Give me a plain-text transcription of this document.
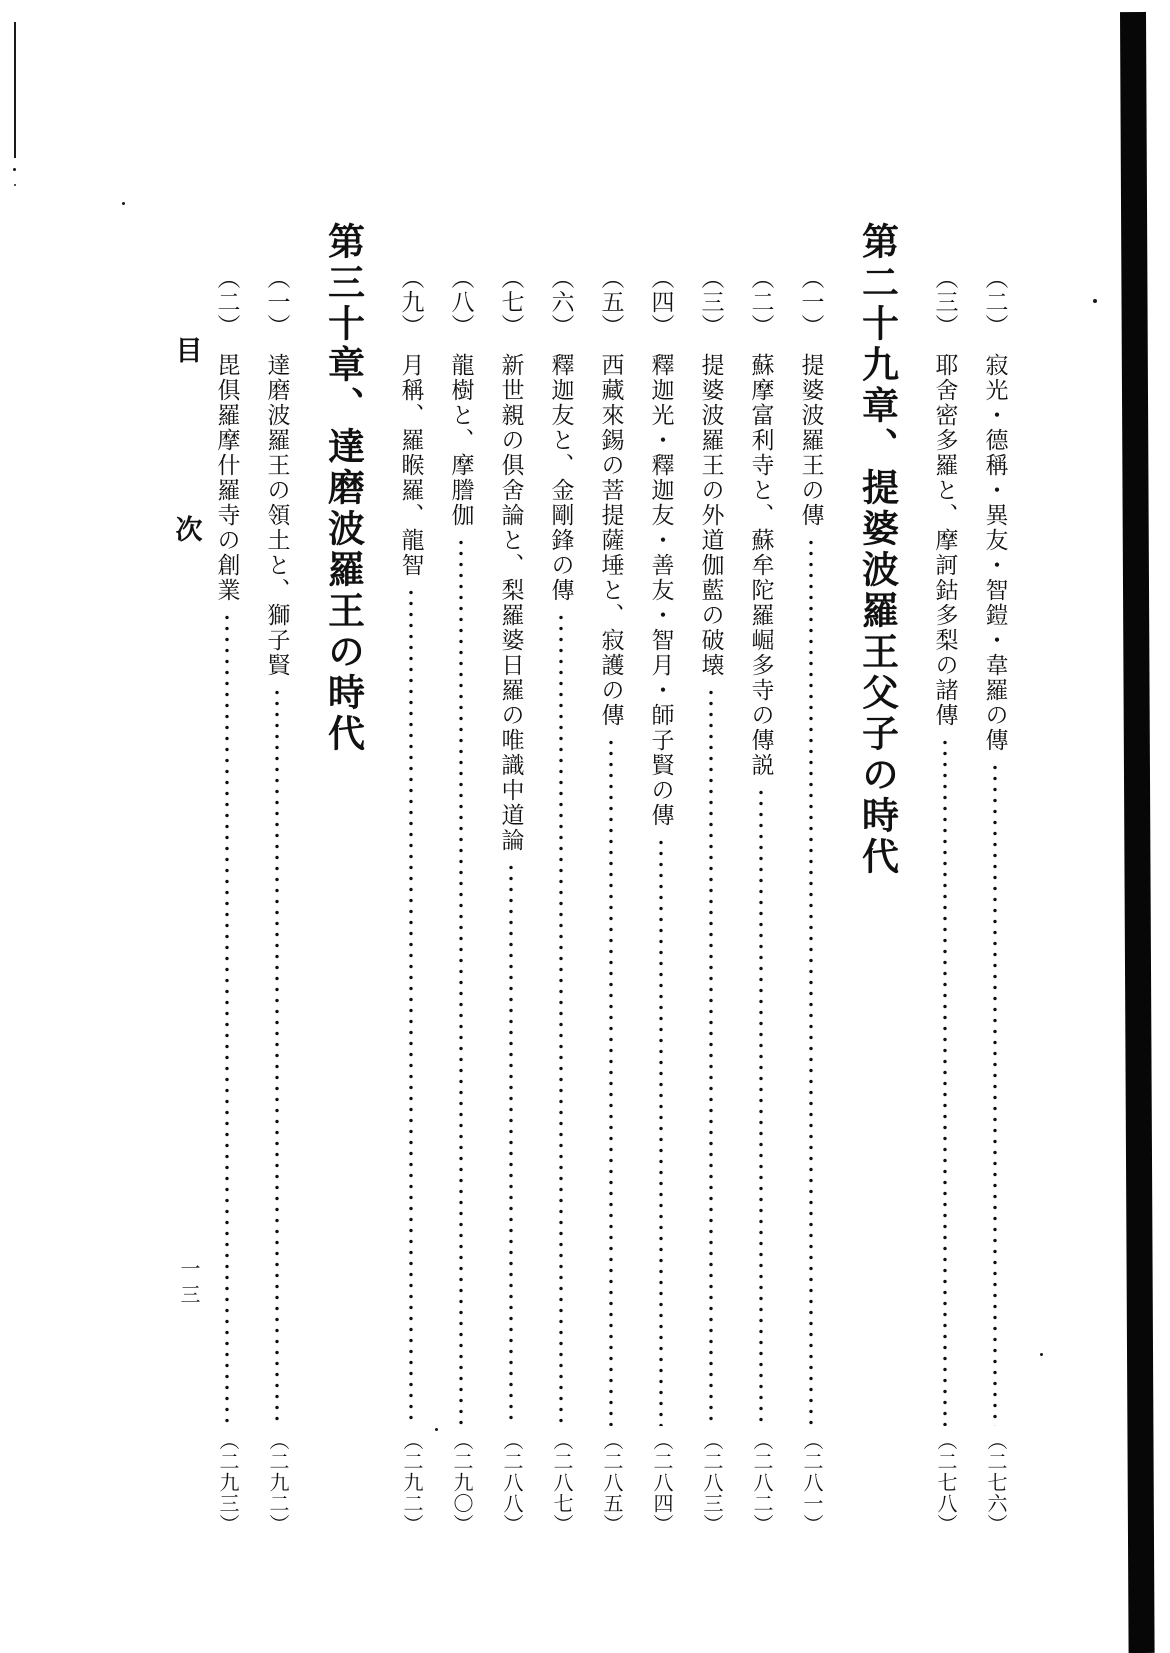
目
次
一三
（二）
寂光・德稱・異友・智鎧・韋羅の傳
（二七六）
（三）
耶舍密多羅と、摩訶鈷多梨の諸傳
（二七八）
第二十九章、提婆波羅王父子の時代
（一）
提婆波羅王の傳
（二八一）
（二）
蘇摩富利寺と、蘇牟陀羅崛多寺の傳説
（二八二）
（三）
提婆波羅王の外道伽藍の破壊
（二八三）
（四）
釋迦光・釋迦友・善友・智月・師子賢の傳
（二八四）
（五）
西藏來錫の菩提薩埵と、寂護の傳
（二八五）
（六）
釋迦友と、金剛鋒の傳
（二八七）
（七）
新世親の俱舍論と、梨羅婆日羅の唯識中道論
（二八八）
（八）
龍樹と、摩謄伽
（二九〇）
（九）
月稱、羅睺羅、龍智
（二九二）
第三十章、達磨波羅王の時代
（一）
達磨波羅王の領土と、獅子賢
（二九二）
（二）
毘俱羅摩什羅寺の創業
（二九三）
